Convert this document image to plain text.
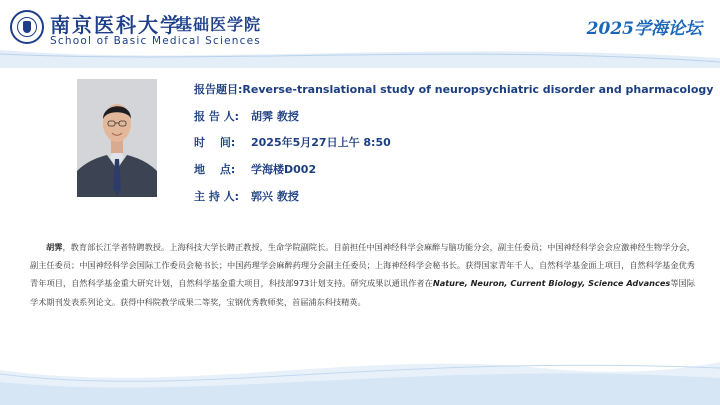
南京医科大学
基础医学院
School of Basic Medical Sciences
2025学海论坛
报告题目: Reverse-translational study of neuropsychiatric disorder and pharmacology
报 告 人:	胡霁 教授
时　 间:	2025年5月27日上午 8:50
地　 点:	学海楼D002
主 持 人:	郭兴 教授
胡霁，教育部长江学者特聘教授。上海科技大学长聘正教授，生命学院副院长。目前担任中国神经科学会麻醉与脑功能分会，副主任委员；中国神经科学会会应激神经生物学分会，副主任委员；中国神经科学会国际工作委员会秘书长；中国药理学会麻醉药理分会副主任委员；上海神经科学会秘书长。获得国家青年千人，自然科学基金面上项目，自然科学基金优秀青年项目，自然科学基金重大研究计划，自然科学基金重大项目，科技部973计划支持。研究成果以通讯作者在Nature, Neuron, Current Biology, Science Advances等国际学术期刊发表系列论文。获得中科院教学成果二等奖，宝钢优秀教师奖，首届浦东科技精英。
